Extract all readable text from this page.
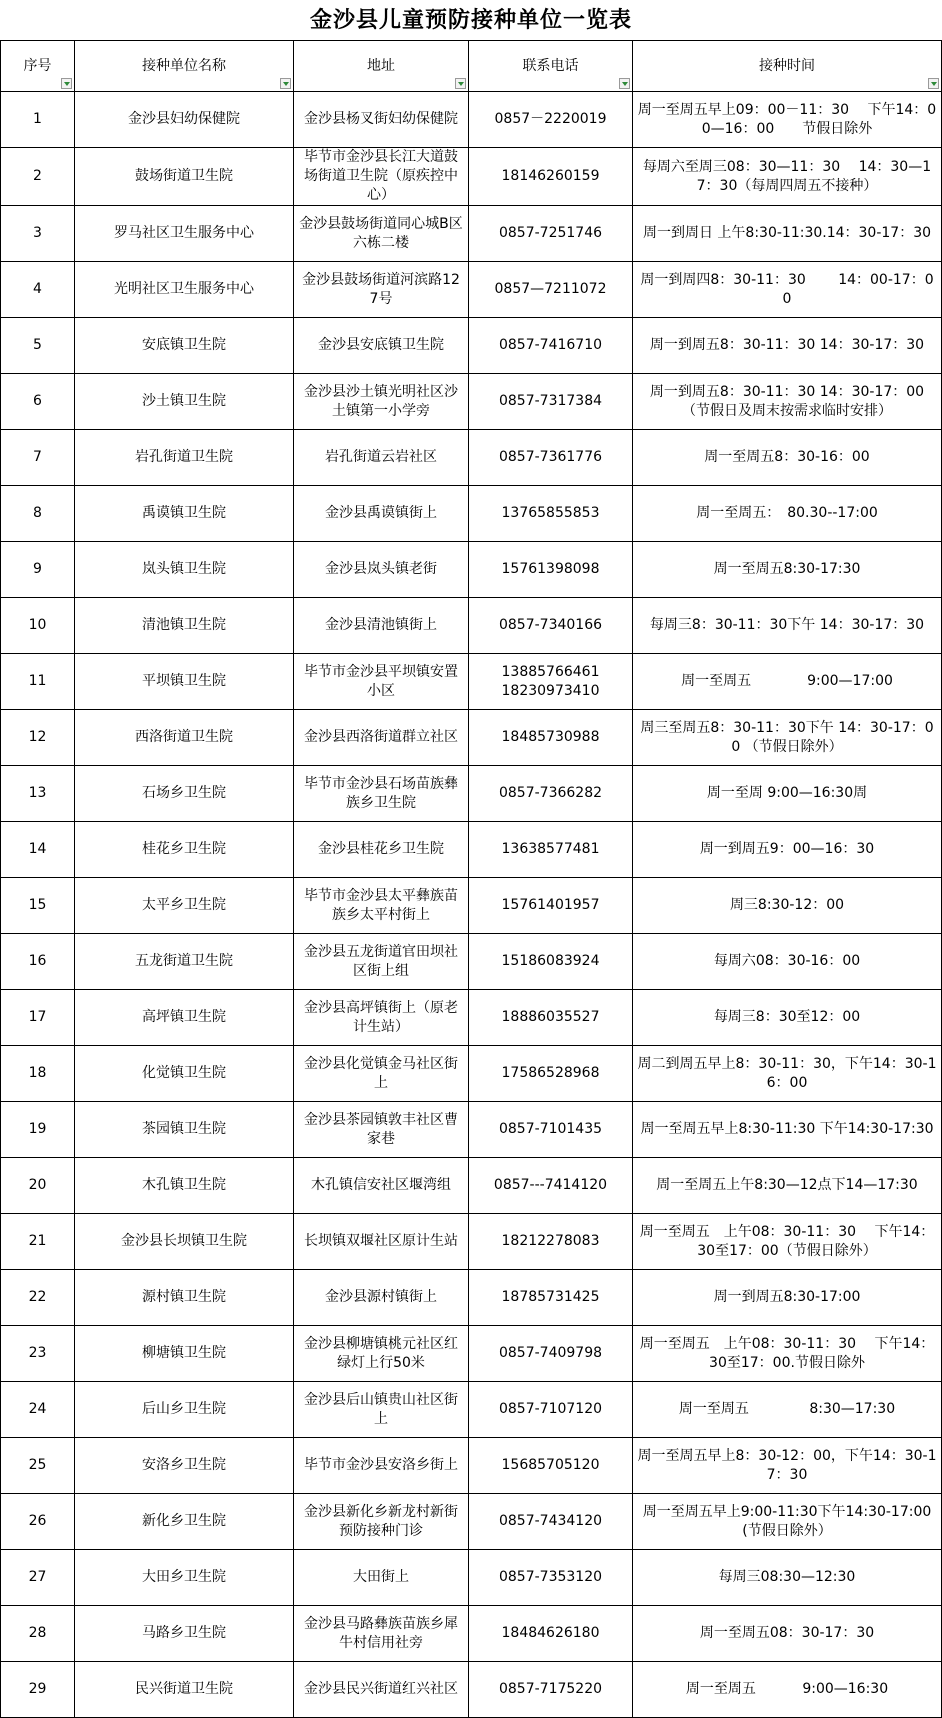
金沙县儿童预防接种单位一览表
序号	接种单位名称	地址	联系电话	接种时间

1	金沙县妇幼保健院	金沙县杨叉街妇幼保健院	0857－2220019	周一至周五早上09：00－11：30　 下午14：00—16：00　　节假日除外
2	鼓场街道卫生院	毕节市金沙县长江大道鼓场街道卫生院（原疾控中心）	18146260159	每周六至周三08：30—11：30　 14：30—17：30（每周四周五不接种）
3	罗马社区卫生服务中心	金沙县鼓场街道同心城B区六栋二楼	0857-7251746	周一到周日 上午8:30-11:30.14：30-17：30
4	光明社区卫生服务中心	金沙县鼓场街道河滨路127号	0857—7211072	周一到周四8：30-11：30　　 14：00-17：00
5	安底镇卫生院	金沙县安底镇卫生院	0857-7416710	周一到周五8：30-11：30 14：30-17：30
6	沙土镇卫生院	金沙县沙土镇光明社区沙土镇第一小学旁	0857-7317384	周一到周五8：30-11：30 14：30-17：00（节假日及周末按需求临时安排）
7	岩孔街道卫生院	岩孔街道云岩社区	0857-7361776	周一至周五8：30-16：00
8	禹谟镇卫生院	金沙县禹谟镇街上	13765855853	周一至周五：　80.30--17:00
9	岚头镇卫生院	金沙县岚头镇老街	15761398098	周一至周五8:30-17:30
10	清池镇卫生院	金沙县清池镇街上	0857-7340166	每周三8：30-11：30下午 14：30-17：30
11	平坝镇卫生院	毕节市金沙县平坝镇安置小区	13885766461
18230973410	周一至周五　　　　9:00—17:00
12	西洛街道卫生院	金沙县西洛街道群立社区	18485730988	周三至周五8：30-11：30下午 14：30-17：00 （节假日除外）
13	石场乡卫生院	毕节市金沙县石场苗族彝族乡卫生院	0857-7366282	周一至周 9:00—16:30周
14	桂花乡卫生院	金沙县桂花乡卫生院	13638577481	周一到周五9：00—16：30
15	太平乡卫生院	毕节市金沙县太平彝族苗族乡太平村街上	15761401957	周三8:30-12：00
16	五龙街道卫生院	金沙县五龙街道官田坝社区街上组	15186083924	每周六08：30-16：00
17	高坪镇卫生院	金沙县高坪镇街上（原老计生站）	18886035527	每周三8：30至12：00
18	化觉镇卫生院	金沙县化觉镇金马社区街上	17586528968	周二到周五早上8：30-11：30，下午14：30-16：00
19	茶园镇卫生院	金沙县茶园镇敦丰社区曹家巷	0857-7101435	周一至周五早上8:30-11:30 下午14:30-17:30
20	木孔镇卫生院	木孔镇信安社区堰湾组	0857---7414120	周一至周五上午8:30—12点下14—17:30
21	金沙县长坝镇卫生院	长坝镇双堰社区原计生站	18212278083	周一至周五　上午08：30-11：30　 下午14：30至17：00（节假日除外）
22	源村镇卫生院	金沙县源村镇街上	18785731425	周一到周五8:30-17:00
23	柳塘镇卫生院	金沙县柳塘镇桃元社区红绿灯上行50米	0857-7409798	周一至周五　上午08：30-11：30　 下午14：30至17：00.节假日除外
24	后山乡卫生院	金沙县后山镇贵山社区街上	0857-7107120	周一至周五　　　　 8:30—17:30
25	安洛乡卫生院	毕节市金沙县安洛乡街上	15685705120	周一至周五早上8：30-12：00，下午14：30-17：30
26	新化乡卫生院	金沙县新化乡新龙村新街预防接种门诊	0857-7434120	周一至周五早上9:00-11:30下午14:30-17:00(节假日除外）
27	大田乡卫生院	大田街上	0857-7353120	每周三08:30—12:30
28	马路乡卫生院	金沙县马路彝族苗族乡犀牛村信用社旁	18484626180	周一至周五08：30-17：30
29	民兴街道卫生院	金沙县民兴街道红兴社区	0857-7175220	周一至周五　　　 9:00—16:30
